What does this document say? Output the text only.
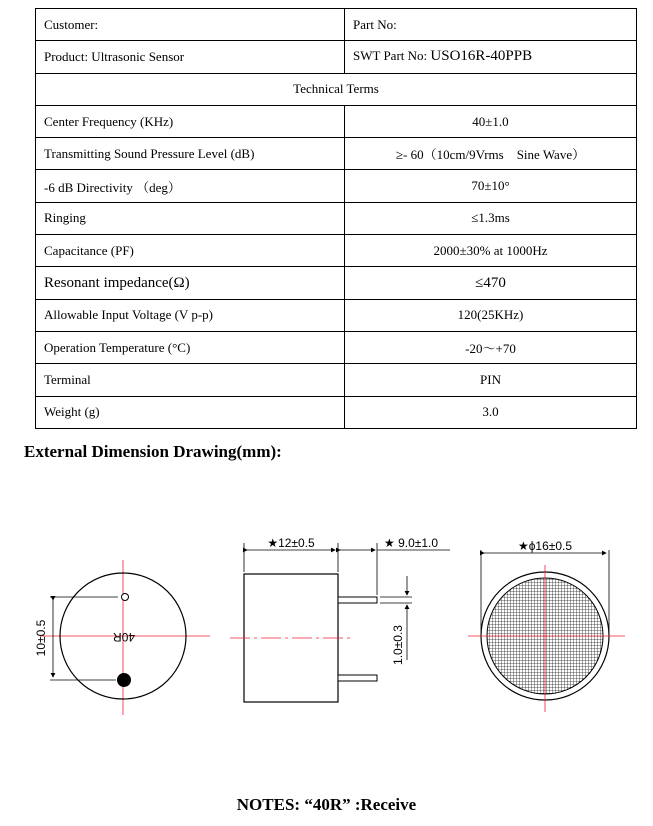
Customer:	Part No:
Product: Ultrasonic Sensor	SWT Part No: USO16R-40PPB
Technical Terms	
Center Frequency (KHz)	40±1.0
Transmitting Sound Pressure Level (dB)	≥- 60（10cm/9Vrms　Sine Wave）
-6 dB Directivity （deg）	70±10°
Ringing	≤1.3ms
Capacitance (PF)	2000±30% at 1000Hz
Resonant impedance(Ω)	≤470
Allowable Input Voltage (V p-p)	120(25KHz)
Operation Temperature (°C)	-20～+70
Terminal	PIN
Weight (g)	3.0
External Dimension Drawing(mm):
40R
10±0.5
★12±0.5	★ 9.0±1.0
1.0±0.3
★ϕ16±0.5
NOTES: “40R” :Receive
